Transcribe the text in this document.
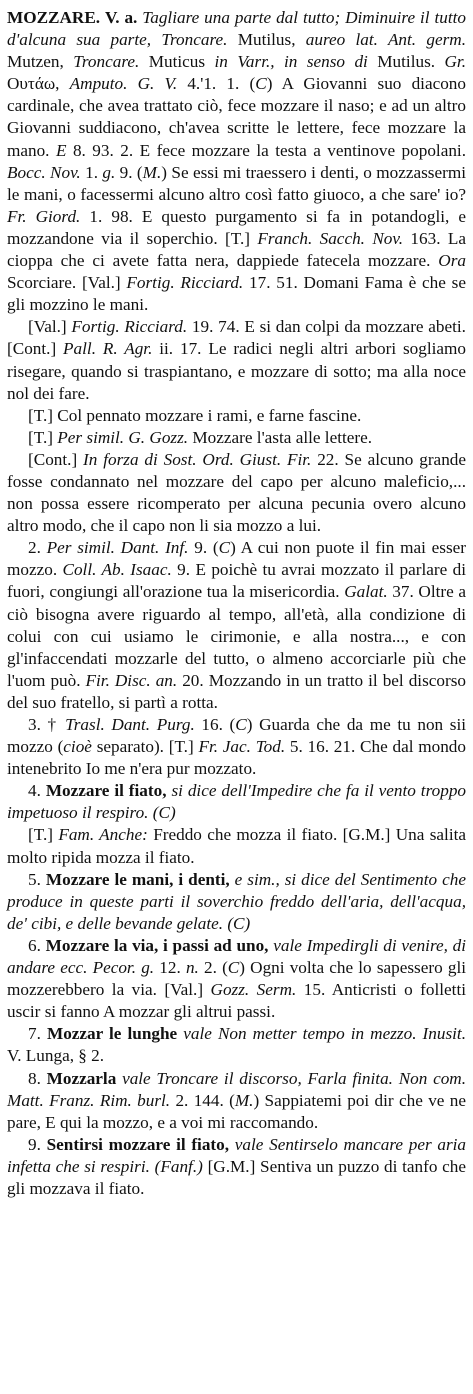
MOZZARE. V. a. Tagliare una parte dal tutto; Diminuire il tutto d'alcuna sua parte, Troncare. Mutilus, aureo lat. Ant. germ. Mutzen, Troncare. Muticus in Varr., in senso di Mutilus. Gr. Ουτάω, Amputo. G. V. 4.'1. 1. (C) A Giovanni suo diacono cardinale, che avea trattato ciò, fece mozzare il naso; e ad un altro Giovanni suddiacono, ch'avea scritte le lettere, fece mozzare la mano. E 8. 93. 2. E fece mozzare la testa a ventinove popolani. Bocc. Nov. 1. g. 9. (M.) Se essi mi traessero i denti, o mozzassermi le mani, o facessermi alcuno altro così fatto giuoco, a che sare' io? Fr. Giord. 1. 98. E questo purgamento si fa in potandogli, e mozzandone via il soperchio. [T.] Franch. Sacch. Nov. 163. La cioppa che ci avete fatta nera, dappiede fatecela mozzare. Ora Scorciare. [Val.] Fortig. Ricciard. 17. 51. Domani Fama è che se gli mozzino le mani.

[Val.] Fortig. Ricciard. 19. 74. E si dan colpi da mozzare abeti. [Cont.] Pall. R. Agr. ii. 17. Le radici negli altri arbori sogliamo risegare, quando si traspiantano, e mozzare di sotto; ma alla noce nol dei fare.

[T.] Col pennato mozzare i rami, e farne fascine.

[T.] Per simil. G. Gozz. Mozzare l'asta alle lettere.

[Cont.] In forza di Sost. Ord. Giust. Fir. 22. Se alcuno grande fosse condannato nel mozzare del capo per alcuno maleficio,... non possa essere ricomperato per alcuna pecunia overo alcuno altro modo, che il capo non li sia mozzo a lui.

2. Per simil. Dant. Inf. 9. (C) A cui non puote il fin mai esser mozzo. Coll. Ab. Isaac. 9. E poichè tu avrai mozzato il parlare di fuori, congiungi all'orazione tua la misericordia. Galat. 37. Oltre a ciò bisogna avere riguardo al tempo, all'età, alla condizione di colui con cui usiamo le cirimonie, e alla nostra..., e con gl'infaccendati mozzarle del tutto, o almeno accorciarle più che l'uom può. Fir. Disc. an. 20. Mozzando in un tratto il bel discorso del suo fratello, si partì a rotta.

3. † Trasl. Dant. Purg. 16. (C) Guarda che da me tu non sii mozzo (cioè separato). [T.] Fr. Jac. Tod. 5. 16. 21. Che dal mondo intenebrito Io me n'era pur mozzato.

4. Mozzare il fiato, si dice dell'Impedire che fa il vento troppo impetuoso il respiro. (C)

[T.] Fam. Anche: Freddo che mozza il fiato. [G.M.] Una salita molto ripida mozza il fiato.

5. Mozzare le mani, i denti, e sim., si dice del Sentimento che produce in queste parti il soverchio freddo dell'aria, dell'acqua, de' cibi, e delle bevande gelate. (C)

6. Mozzare la via, i passi ad uno, vale Impedirgli di venire, di andare ecc. Pecor. g. 12. n. 2. (C) Ogni volta che lo sapessero gli mozzerebbero la via. [Val.] Gozz. Serm. 15. Anticristi o folletti uscir si fanno A mozzar gli altrui passi.

7. Mozzar le lunghe vale Non metter tempo in mezzo. Inusit. V. Lunga, § 2.

8. Mozzarla vale Troncare il discorso, Farla finita. Non com. Matt. Franz. Rim. burl. 2. 144. (M.) Sappiatemi poi dir che ve ne pare, E qui la mozzo, e a voi mi raccomando.

9. Sentirsi mozzare il fiato, vale Sentirselo mancare per aria infetta che si respiri. (Fanf.) [G.M.] Sentiva un puzzo di tanfo che gli mozzava il fiato.
